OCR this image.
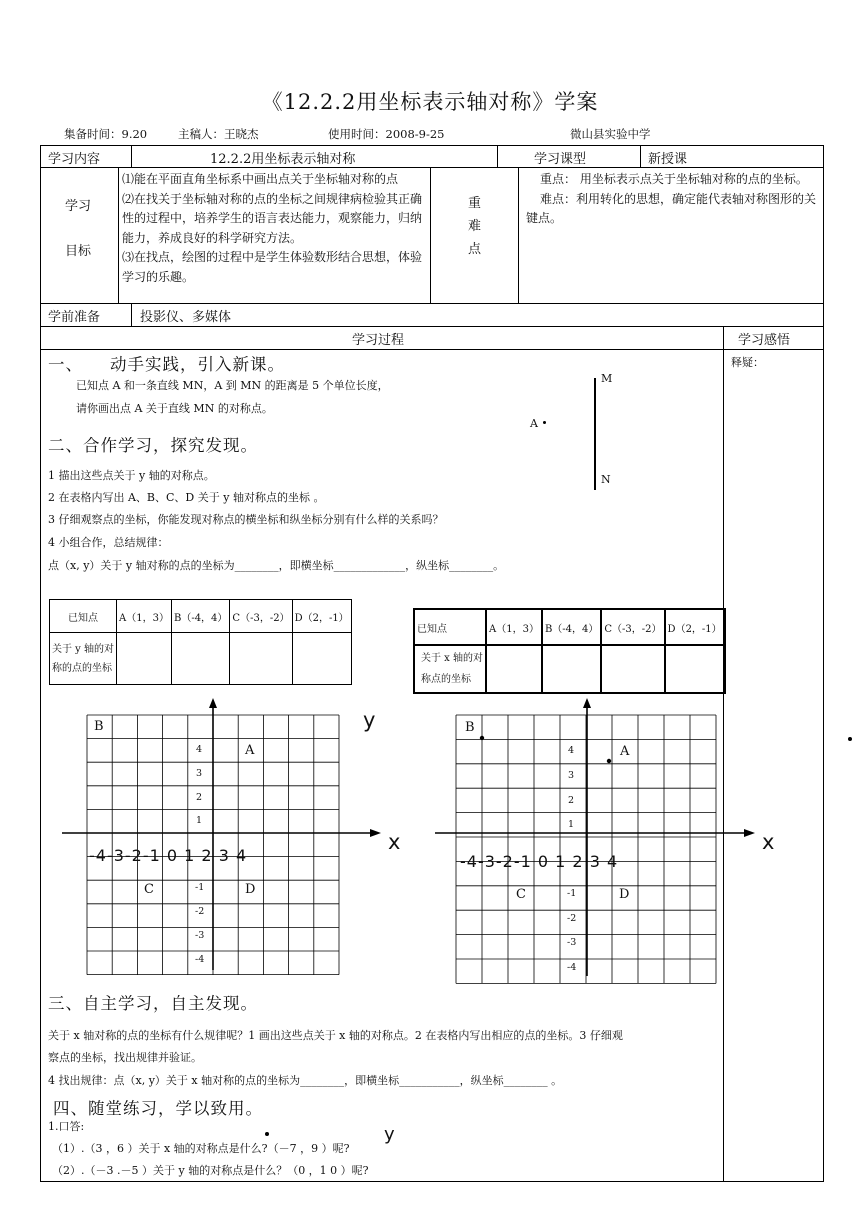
《12.2.2用坐标表示轴对称》学案
集备时间：9.20	主稿人：王晓杰	使用时间：2008-9-25	微山县实验中学
学习内容	12.2.2用坐标表示轴对称	学习课型	新授课
学习
目标
⑴能在平面直角坐标系中画出点关于坐标轴对称的点
⑵在找关于坐标轴对称的点的坐标之间规律病检验其正确性的过程中，培养学生的语言表达能力，观察能力，归纳能力，养成良好的科学研究方法。
⑶在找点，绘图的过程中是学生体验数形结合思想，体验学习的乐趣。
重
难
点
重点： 用坐标表示点关于坐标轴对称的点的坐标。
难点：利用转化的思想，确定能代表轴对称图形的关键点。
学前准备	投影仪、多媒体
学习过程	学习感悟
释疑：
一、 动手实践，引入新课。
已知点 A 和一条直线 MN，A 到 MN 的距离是 5 个单位长度，
请你画出点 A 关于直线 MN 的对称点。
M
N
A
二、合作学习，探究发现。
1 描出这些点关于 y 轴的对称点。
2 在表格内写出 A、B、C、D 关于 y 轴对称点的坐标 。
3 仔细观察点的坐标，你能发现对称点的横坐标和纵坐标分别有什么样的关系吗？
4 小组合作，总结规律：
点（x, y）关于 y 轴对称的点的坐标为________，即横坐标_____________，纵坐标________。
已知点	A（1，3）	B（-4，4）	C（-3，-2）	D（2，-1）

关于 y 轴的对
称的点的坐标				

已知点	A（1，3）	B（-4，4）	C（-3，-2）	D（2，-1）

关于 x 轴的对
称点的坐标				

y
x
-4-3-2-1 0 1 2 3 4
4
3
2
1
-1
-2
-3
-4
A
B
C	D
x
-4-3-2-1 0 1 2 3 4
4
3
2
1
-1
-2
-3
-4
A
B
C	D
三、自主学习，自主发现。
关于 x 轴对称的点的坐标有什么规律呢？1 画出这些点关于 x 轴的对称点。2 在表格内写出相应的点的坐标。3 仔细观
察点的坐标，找出规律并验证。
4 找出规律：点（x, y）关于 x 轴对称的点的坐标为________，即横坐标___________，纵坐标________ 。
四、随堂练习，学以致用。
1.口答:
（1）.（3 ，6 ）关于 x 轴的对称点是什么?（－7 ，9 ）呢?
（2）.（－3 .－5 ）关于 y 轴的对称点是什么？（0 ，1 0 ）呢?
y
